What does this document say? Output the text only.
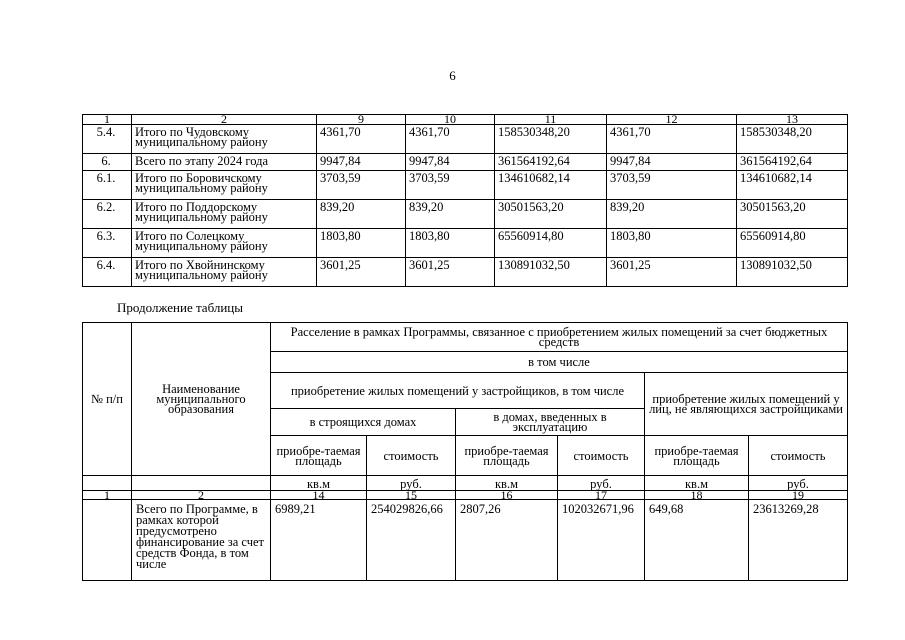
6
1	2	9	10	11	12	13
5.4.	Итого по Чудовскому муниципальному району	4361,70	4361,70	158530348,20	4361,70	158530348,20
6.	Всего по этапу 2024 года	9947,84	9947,84	361564192,64	9947,84	361564192,64
6.1.	Итого по Боровичскому муниципальному району	3703,59	3703,59	134610682,14	3703,59	134610682,14
6.2.	Итого по Поддорскому муниципальному району	839,20	839,20	30501563,20	839,20	30501563,20
6.3.	Итого по Солецкому муниципальному району	1803,80	1803,80	65560914,80	1803,80	65560914,80
6.4.	Итого по Хвойнинскому муниципальному району	3601,25	3601,25	130891032,50	3601,25	130891032,50
Продолжение таблицы
№ п/п	Наименование муниципального образования	Расселение в рамках Программы, связанное с приобретением жилых помещений за счет бюджетных средств					
		в том числе					
		приобретение жилых помещений у застройщиков, в том числе				приобретение жилых помещений у лиц, не являющихся застройщиками	
		в строящихся домах		в домах, введенных в эксплуатацию			
		приобре-таемая площадь	стоимость	приобре-таемая площадь	стоимость	приобре-таемая площадь	стоимость
		кв.м	руб.	кв.м	руб.	кв.м	руб.
1	2	14	15	16	17	18	19
	Всего по Программе, в рамках которой предусмотрено финансирование за счет средств Фонда, в том числе	6989,21	254029826,66	2807,26	102032671,96	649,68	23613269,28
